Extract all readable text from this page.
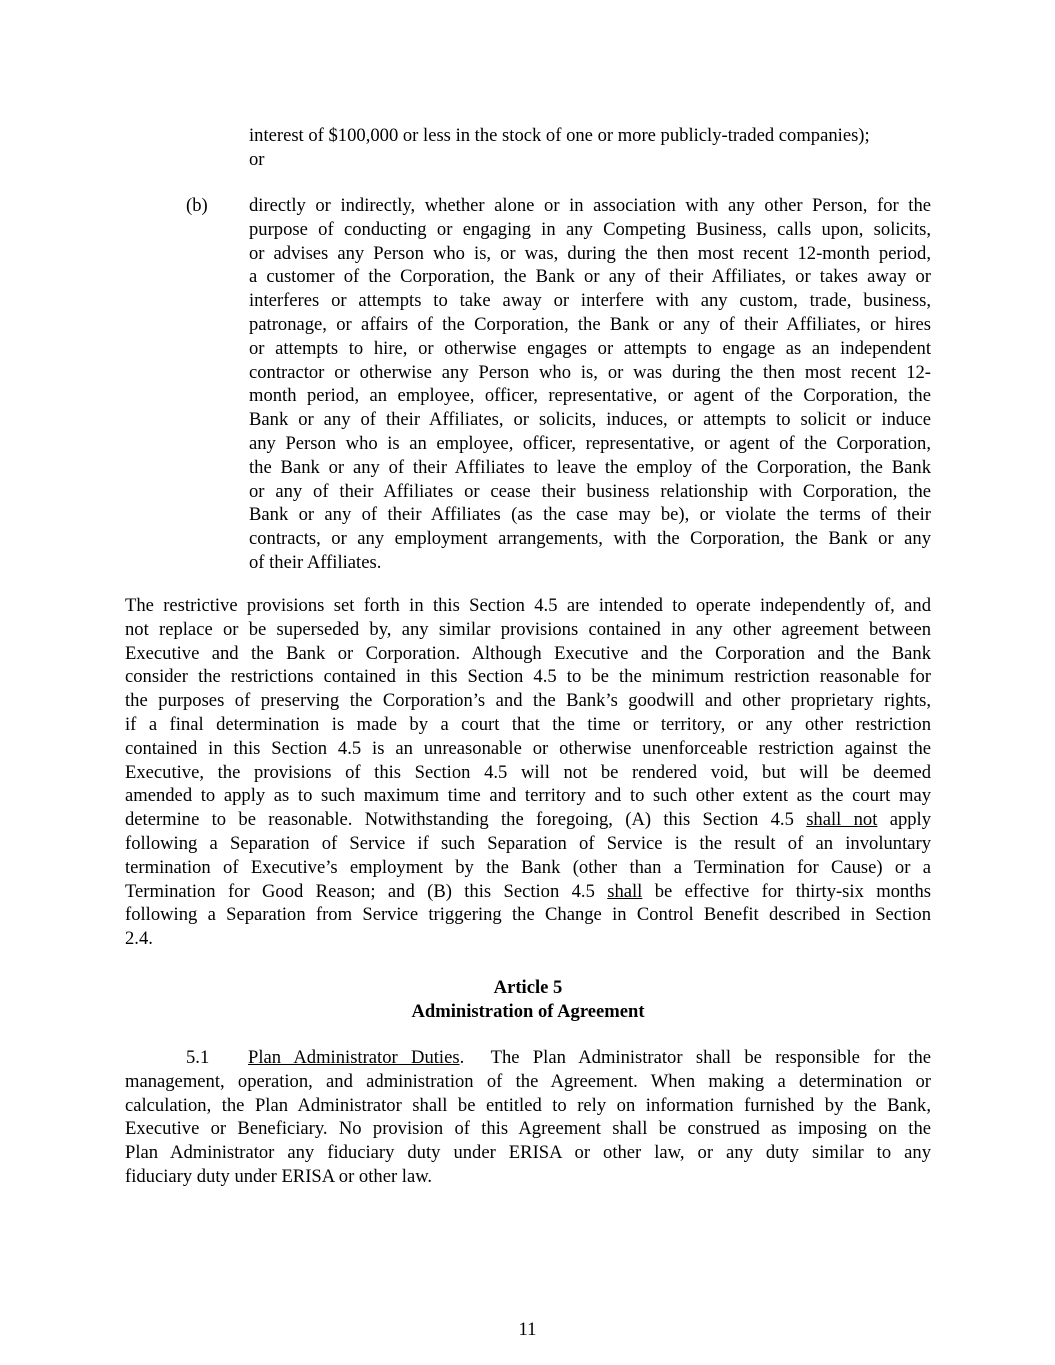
interest of $100,000 or less in the stock of one or more publicly-traded companies);
or
(b) directly or indirectly, whether alone or in association with any other Person, for the
purpose of conducting or engaging in any Competing Business, calls upon, solicits,
or advises any Person who is, or was, during the then most recent 12-month period,
a customer of the Corporation, the Bank or any of their Affiliates, or takes away or
interferes or attempts to take away or interfere with any custom, trade, business,
patronage, or affairs of the Corporation, the Bank or any of their Affiliates, or hires
or attempts to hire, or otherwise engages or attempts to engage as an independent
contractor or otherwise any Person who is, or was during the then most recent 12-
month period, an employee, officer, representative, or agent of the Corporation, the
Bank or any of their Affiliates, or solicits, induces, or attempts to solicit or induce
any Person who is an employee, officer, representative, or agent of the Corporation,
the Bank or any of their Affiliates to leave the employ of the Corporation, the Bank
or any of their Affiliates or cease their business relationship with Corporation, the
Bank or any of their Affiliates (as the case may be), or violate the terms of their
contracts, or any employment arrangements, with the Corporation, the Bank or any
of their Affiliates.
The restrictive provisions set forth in this Section 4.5 are intended to operate independently of, and
not replace or be superseded by, any similar provisions contained in any other agreement between
Executive and the Bank or Corporation. Although Executive and the Corporation and the Bank
consider the restrictions contained in this Section 4.5 to be the minimum restriction reasonable for
the purposes of preserving the Corporation’s and the Bank’s goodwill and other proprietary rights,
if a final determination is made by a court that the time or territory, or any other restriction
contained in this Section 4.5 is an unreasonable or otherwise unenforceable restriction against the
Executive, the provisions of this Section 4.5 will not be rendered void, but will be deemed
amended to apply as to such maximum time and territory and to such other extent as the court may
determine to be reasonable. Notwithstanding the foregoing, (A) this Section 4.5 shall not apply
following a Separation of Service if such Separation of Service is the result of an involuntary
termination of Executive’s employment by the Bank (other than a Termination for Cause) or a
Termination for Good Reason; and (B) this Section 4.5 shall be effective for thirty-six months
following a Separation from Service triggering the Change in Control Benefit described in Section
2.4.
Article 5
Administration of Agreement
5.1 Plan Administrator Duties. The Plan Administrator shall be responsible for the
management, operation, and administration of the Agreement. When making a determination or
calculation, the Plan Administrator shall be entitled to rely on information furnished by the Bank,
Executive or Beneficiary. No provision of this Agreement shall be construed as imposing on the
Plan Administrator any fiduciary duty under ERISA or other law, or any duty similar to any
fiduciary duty under ERISA or other law.
11
